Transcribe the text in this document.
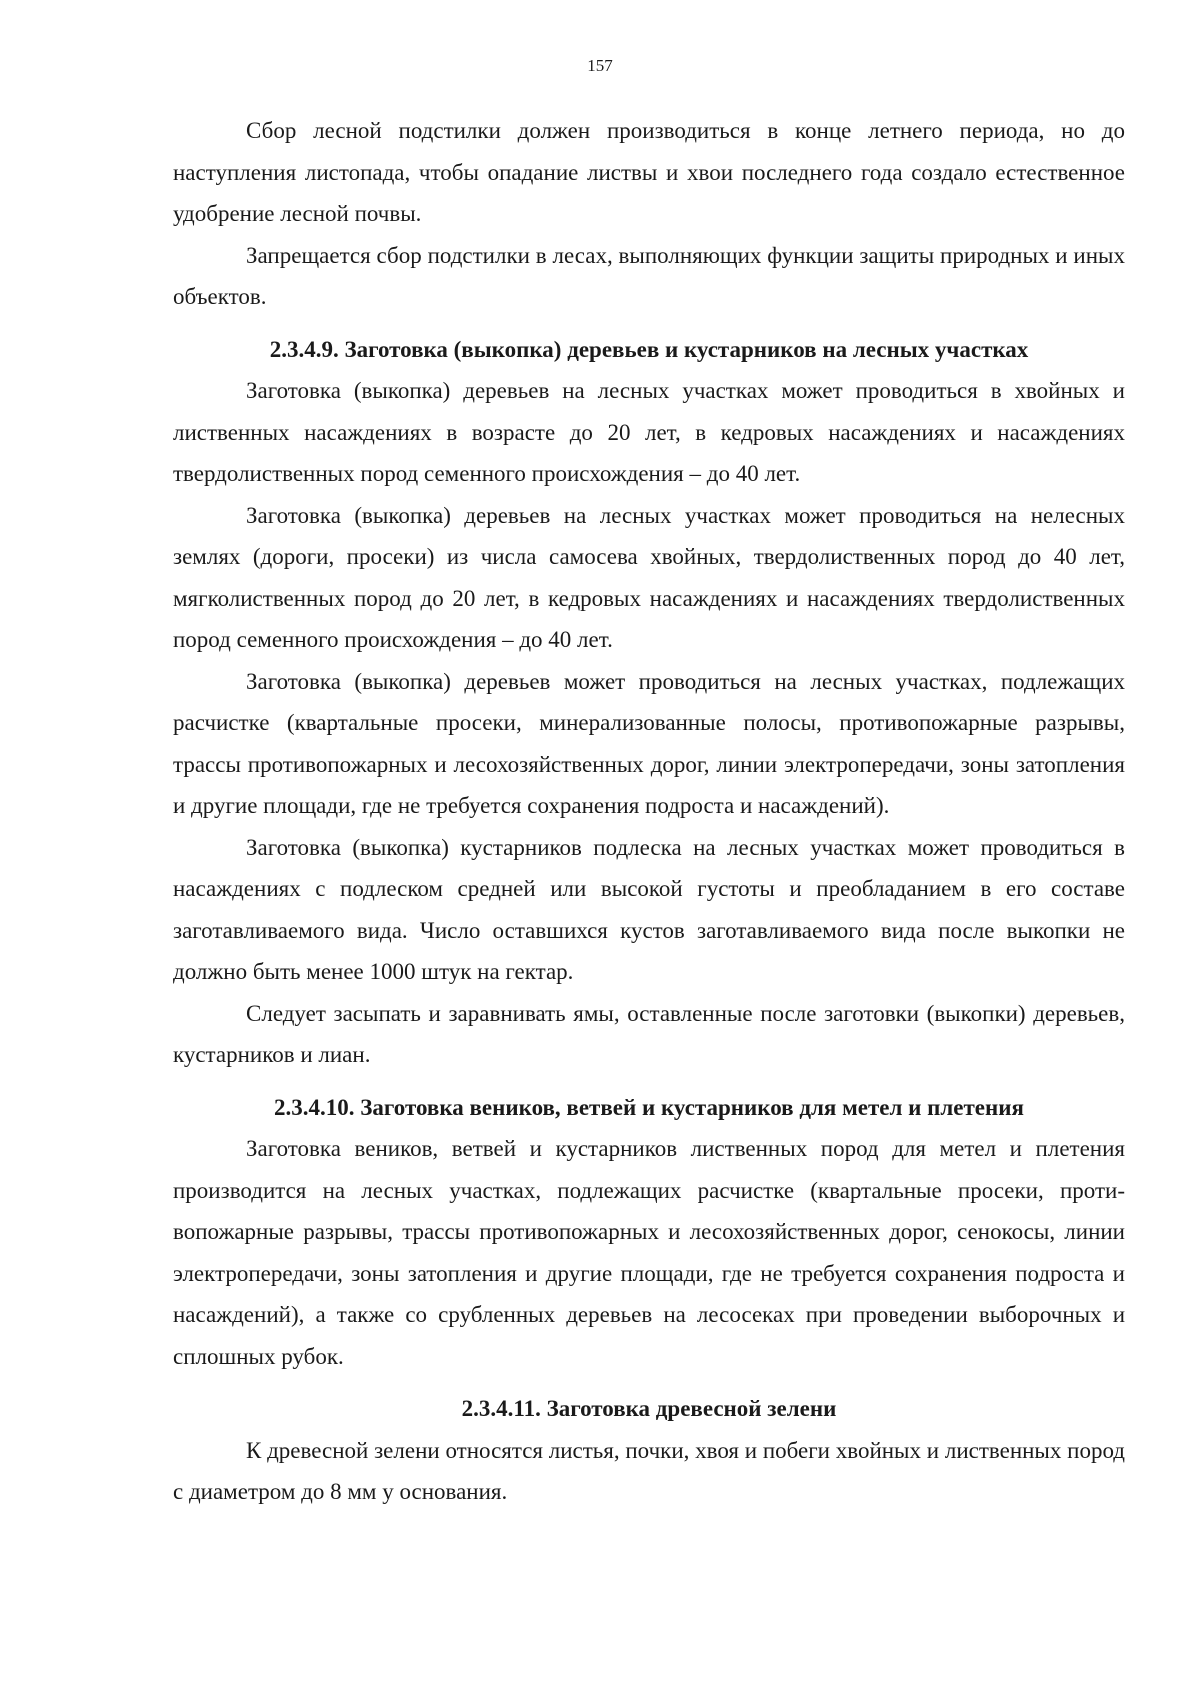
157

Сбор лесной подстилки должен производиться в конце летнего периода, но до наступления листопада, чтобы опадание листвы и хвои последнего года создало естественное удобрение лесной почвы.

Запрещается сбор подстилки в лесах, выполняющих функции защиты природных и иных объектов.

2.3.4.9. Заготовка (выкопка) деревьев и кустарников на лесных участках

Заготовка (выкопка) деревьев на лесных участках может проводиться в хвойных и лиственных насаждениях в возрасте до 20 лет, в кедровых насаждениях и насаждениях твердолиственных пород семенного происхождения – до 40 лет.

Заготовка (выкопка) деревьев на лесных участках может проводиться на нелесных землях (дороги, просеки) из числа самосева хвойных, твердолиственных пород до 40 лет, мягколиственных пород до 20 лет, в кедровых насаждениях и насаждениях твердолиственных пород семенного происхождения – до 40 лет.

Заготовка (выкопка) деревьев может проводиться на лесных участках, подлежащих расчистке (квартальные просеки, минерализованные полосы, противопожарные разрывы, трассы противопожарных и лесохозяйственных дорог, линии электропередачи, зоны затопления и другие площади, где не требуется сохранения подроста и насаждений).

Заготовка (выкопка) кустарников подлеска на лесных участках может проводиться в насаждениях с подлеском средней или высокой густоты и преобладанием в его составе заготавливаемого вида. Число оставшихся кустов заготавливаемого вида после выкопки не должно быть менее 1000 штук на гектар.

Следует засыпать и заравнивать ямы, оставленные после заготовки (выкопки) деревьев, кустарников и лиан.

2.3.4.10. Заготовка веников, ветвей и кустарников для метел и плетения

Заготовка веников, ветвей и кустарников лиственных пород для метел и плетения производится на лесных участках, подлежащих расчистке (квартальные просеки, противопожарные разрывы, трассы противопожарных и лесохозяйственных дорог, сенокосы, линии электропередачи, зоны затопления и другие площади, где не требуется сохранения подроста и насаждений), а также со срубленных деревьев на лесосеках при проведении выборочных и сплошных рубок.

2.3.4.11. Заготовка древесной зелени

К древесной зелени относятся листья, почки, хвоя и побеги хвойных и лиственных пород с диаметром до 8 мм у основания.
